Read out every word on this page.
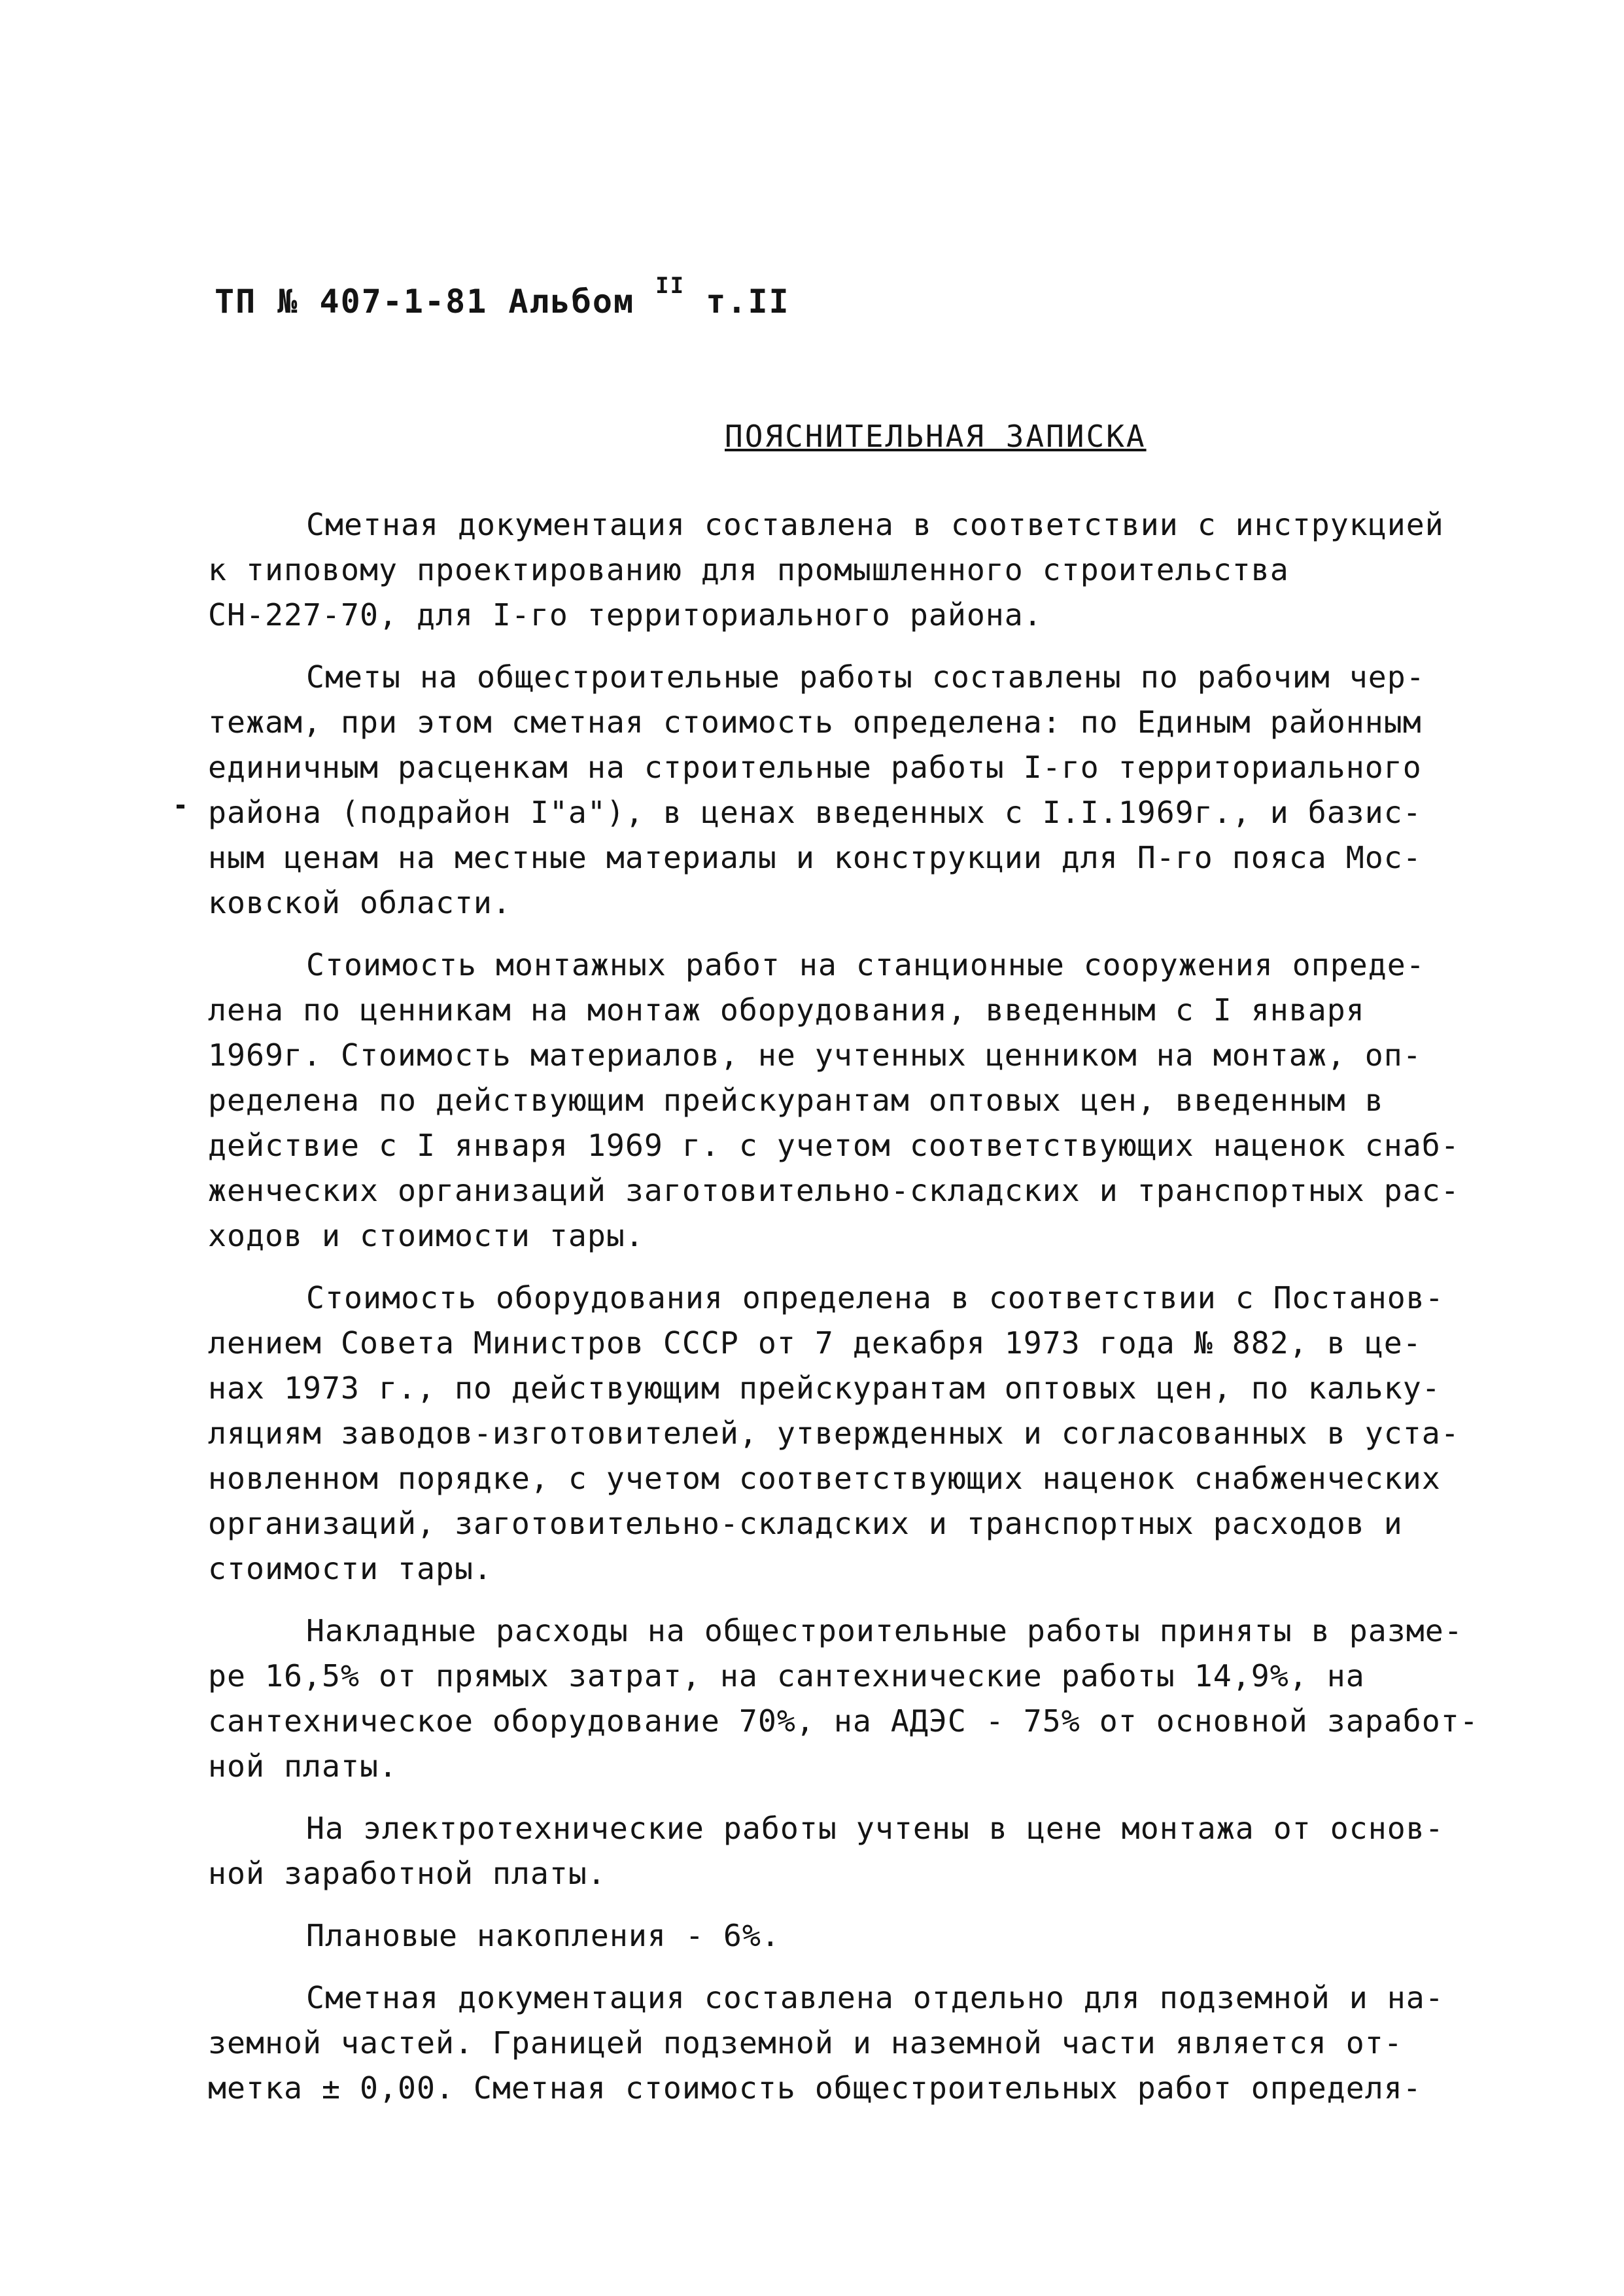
ТП № 407-1-81 Альбом $^{II}$ т.II
ПОЯСНИТЕЛЬНАЯ ЗАПИСКА
Сметная документация составлена в соответствии с инструкцией
к типовому проектированию для промышленного строительства
СН-227-70, для I-го территориального района.
Сметы на общестроительные работы составлены по рабочим чер-
тежам, при этом сметная стоимость определена: по Единым районным
единичным расценкам на строительные работы I-го территориального
района (подрайон I"а"), в ценах введенных с I.I.1969г., и базис-
ным ценам на местные материалы и конструкции для П-го пояса Мос-
ковской области.
Стоимость монтажных работ на станционные сооружения опреде-
лена по ценникам на монтаж оборудования, введенным с I января
1969г. Стоимость материалов, не учтенных ценником на монтаж, оп-
ределена по действующим прейскурантам оптовых цен, введенным в
действие с I января 1969 г. с учетом соответствующих наценок снаб-
женческих организаций заготовительно-складских и транспортных рас-
ходов и стоимости тары.
Стоимость оборудования определена в соответствии с Постанов-
лением Совета Министров СССР от 7 декабря 1973 года № 882, в це-
нах 1973 г., по действующим прейскурантам оптовых цен, по кальку-
ляциям заводов-изготовителей, утвержденных и согласованных в уста-
новленном порядке, с учетом соответствующих наценок снабженческих
организаций, заготовительно-складских и транспортных расходов и
стоимости тары.
Накладные расходы на общестроительные работы приняты в разме-
ре 16,5% от прямых затрат, на сантехнические работы 14,9%, на
сантехническое оборудование 70%, на АДЭС - 75% от основной заработ-
ной платы.
На электротехнические работы учтены в цене монтажа от основ-
ной заработной платы.
Плановые накопления - 6%.
Сметная документация составлена отдельно для подземной и на-
земной частей. Границей подземной и наземной части является от-
метка ± 0,00. Сметная стоимость общестроительных работ определя-
